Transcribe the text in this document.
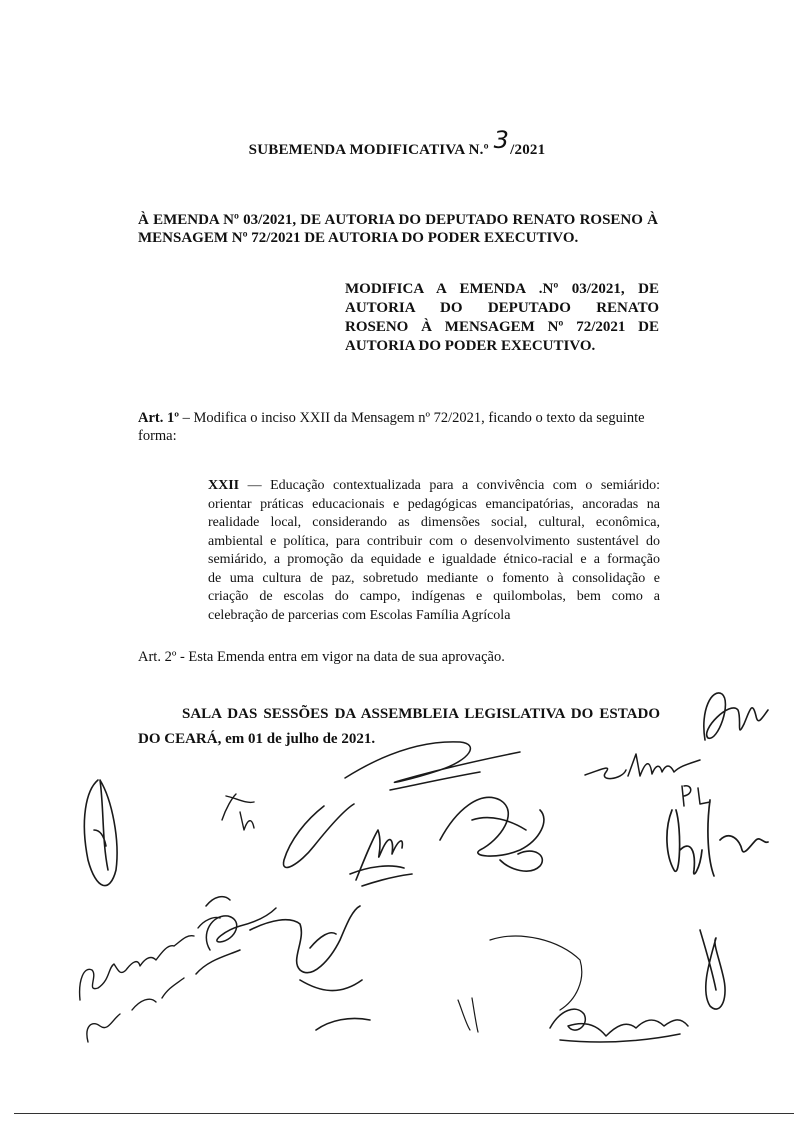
SUBEMENDA MODIFICATIVA N.º 3/2021
À EMENDA Nº 03/2021, DE AUTORIA DO DEPUTADO RENATO ROSENO À
MENSAGEM Nº 72/2021 DE AUTORIA DO PODER EXECUTIVO.
MODIFICA A EMENDA .Nº 03/2021, DE
AUTORIA DO DEPUTADO RENATO
ROSENO À MENSAGEM Nº 72/2021 DE
AUTORIA DO PODER EXECUTIVO.
Art. 1º – Modifica o inciso XXII da Mensagem nº 72/2021, ficando o texto da seguinte forma:
XXII — Educação contextualizada para a convivência com o semiárido:
orientar práticas educacionais e pedagógicas emancipatórias, ancoradas na
realidade local, considerando as dimensões social, cultural, econômica,
ambiental e política, para contribuir com o desenvolvimento sustentável do
semiárido, a promoção da equidade e igualdade étnico-racial e a formação
de uma cultura de paz, sobretudo mediante o fomento à consolidação e
criação de escolas do campo, indígenas e quilombolas, bem como a
celebração de parcerias com Escolas Família Agrícola
Art. 2º - Esta Emenda entra em vigor na data de sua aprovação.
SALA DAS SESSÕES DA ASSEMBLEIA LEGISLATIVA DO ESTADO
DO CEARÁ, em 01 de julho de 2021.
